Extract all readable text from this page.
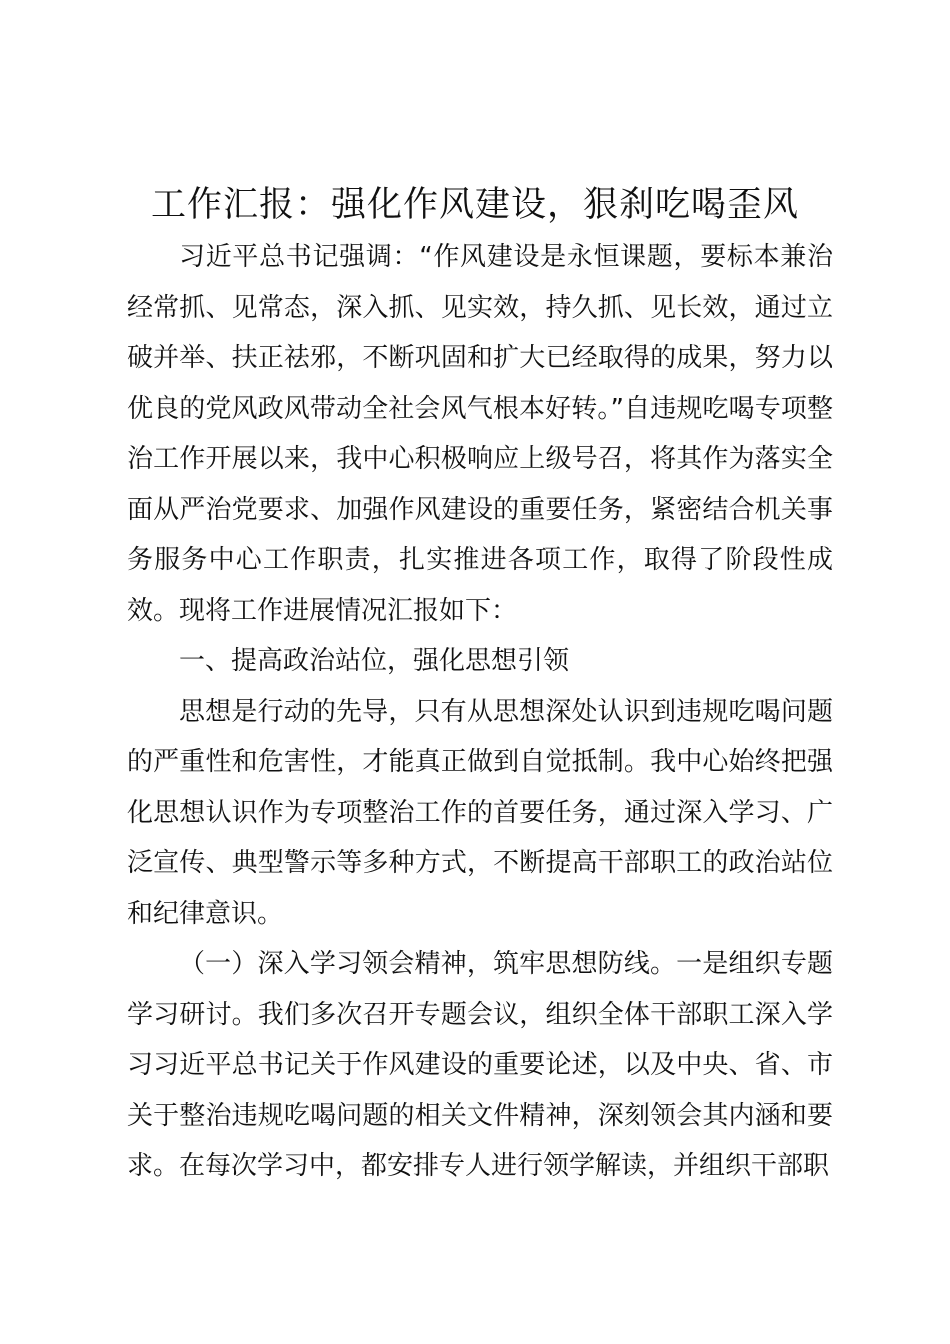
工作汇报：强化作风建设，狠刹吃喝歪风

习近平总书记强调：“作风建设是永恒课题，要标本兼治经常抓、见常态，深入抓、见实效，持久抓、见长效，通过立破并举、扶正祛邪，不断巩固和扩大已经取得的成果，努力以优良的党风政风带动全社会风气根本好转。”自违规吃喝专项整治工作开展以来，我中心积极响应上级号召，将其作为落实全面从严治党要求、加强作风建设的重要任务，紧密结合机关事务服务中心工作职责，扎实推进各项工作，取得了阶段性成效。现将工作进展情况汇报如下：

一、提高政治站位，强化思想引领

思想是行动的先导，只有从思想深处认识到违规吃喝问题的严重性和危害性，才能真正做到自觉抵制。我中心始终把强化思想认识作为专项整治工作的首要任务，通过深入学习、广泛宣传、典型警示等多种方式，不断提高干部职工的政治站位和纪律意识。

（一）深入学习领会精神，筑牢思想防线。一是组织专题学习研讨。我们多次召开专题会议，组织全体干部职工深入学习习近平总书记关于作风建设的重要论述，以及中央、省、市关于整治违规吃喝问题的相关文件精神，深刻领会其内涵和要求。在每次学习中，都安排专人进行领学解读，并组织干部职
